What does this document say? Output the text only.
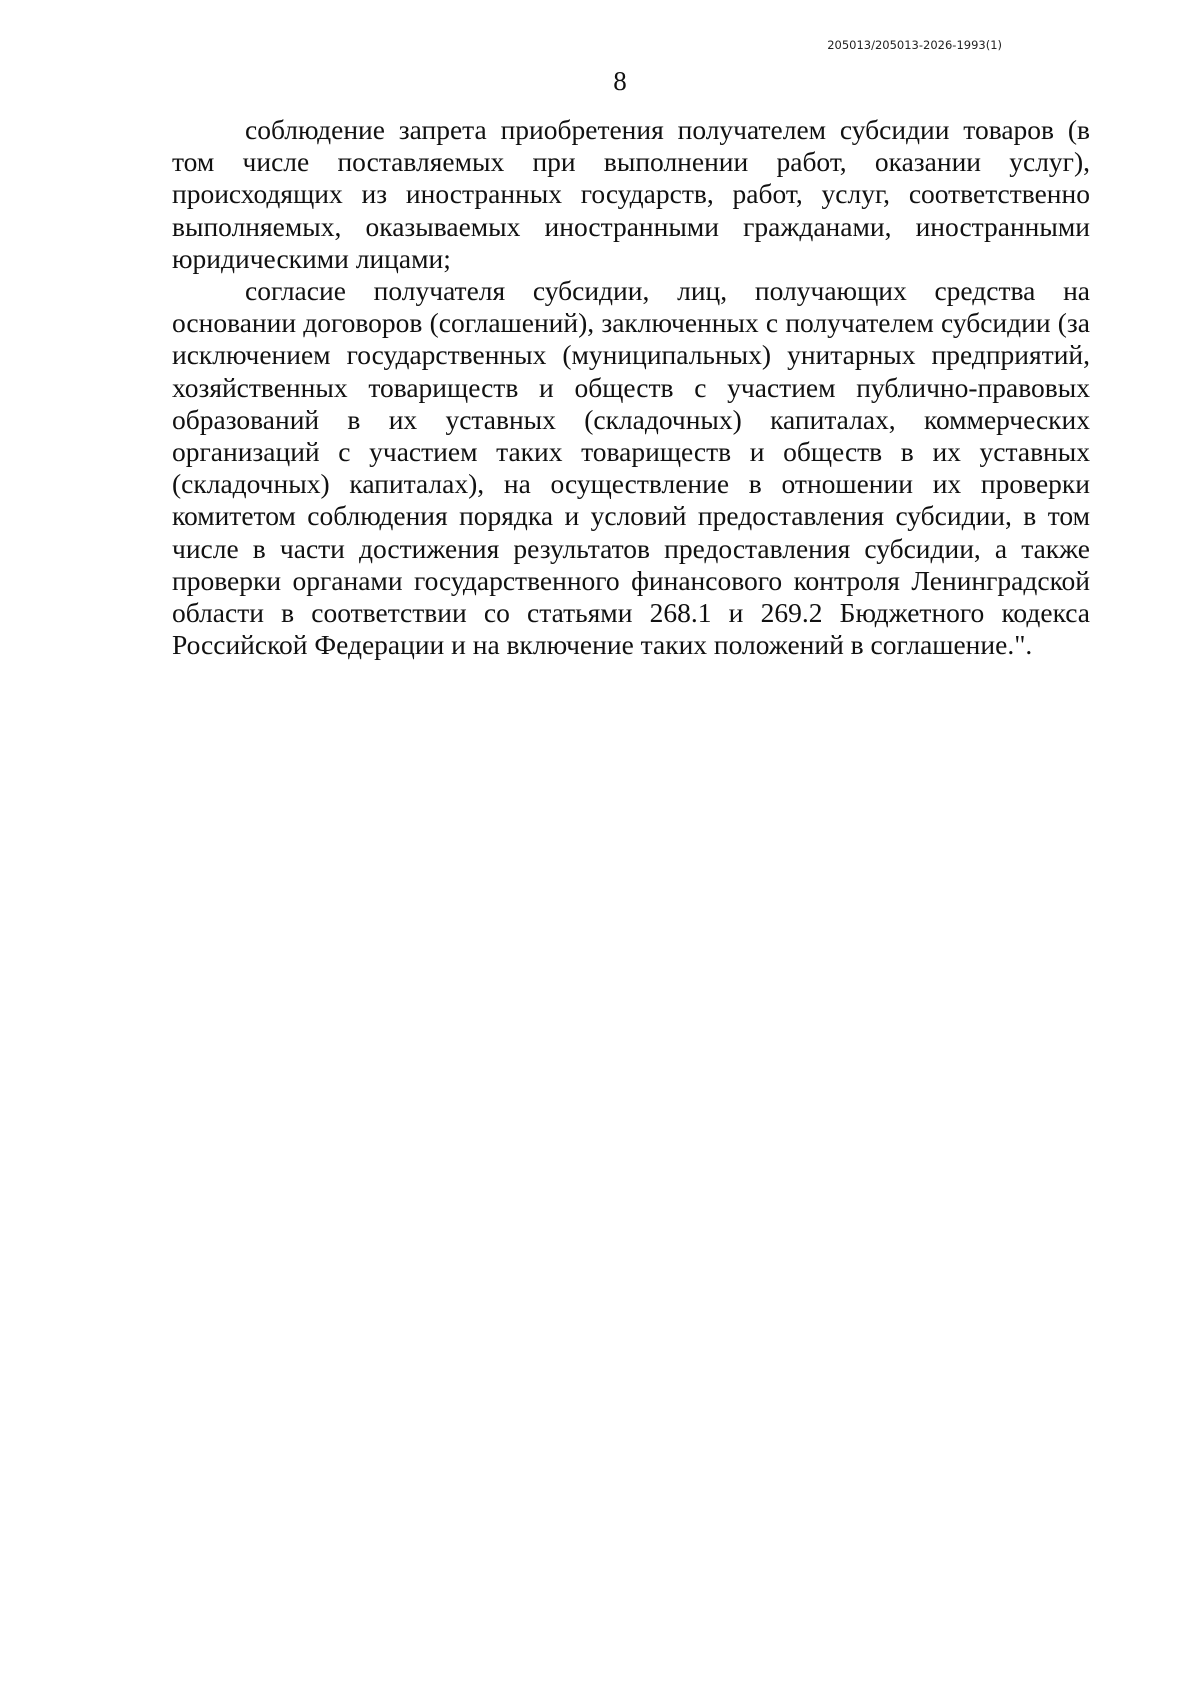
205013/205013-2026-1993(1)
8

соблюдение запрета приобретения получателем субсидии товаров (в том числе поставляемых при выполнении работ, оказании услуг), происходящих из иностранных государств, работ, услуг, соответственно выполняемых, оказываемых иностранными гражданами, иностранными юридическими лицами;

согласие получателя субсидии, лиц, получающих средства на основании договоров (соглашений), заключенных с получателем субсидии (за исключением государственных (муниципальных) унитарных предприятий, хозяйственных товариществ и обществ с участием публично-правовых образований в их уставных (складочных) капиталах, коммерческих организаций с участием таких товариществ и обществ в их уставных (складочных) капиталах), на осуществление в отношении их проверки комитетом соблюдения порядка и условий предоставления субсидии, в том числе в части достижения результатов предоставления субсидии, а также проверки органами государственного финансового контроля Ленинградской области в соответствии со статьями 268.1 и 269.2 Бюджетного кодекса Российской Федерации и на включение таких положений в соглашение.".
